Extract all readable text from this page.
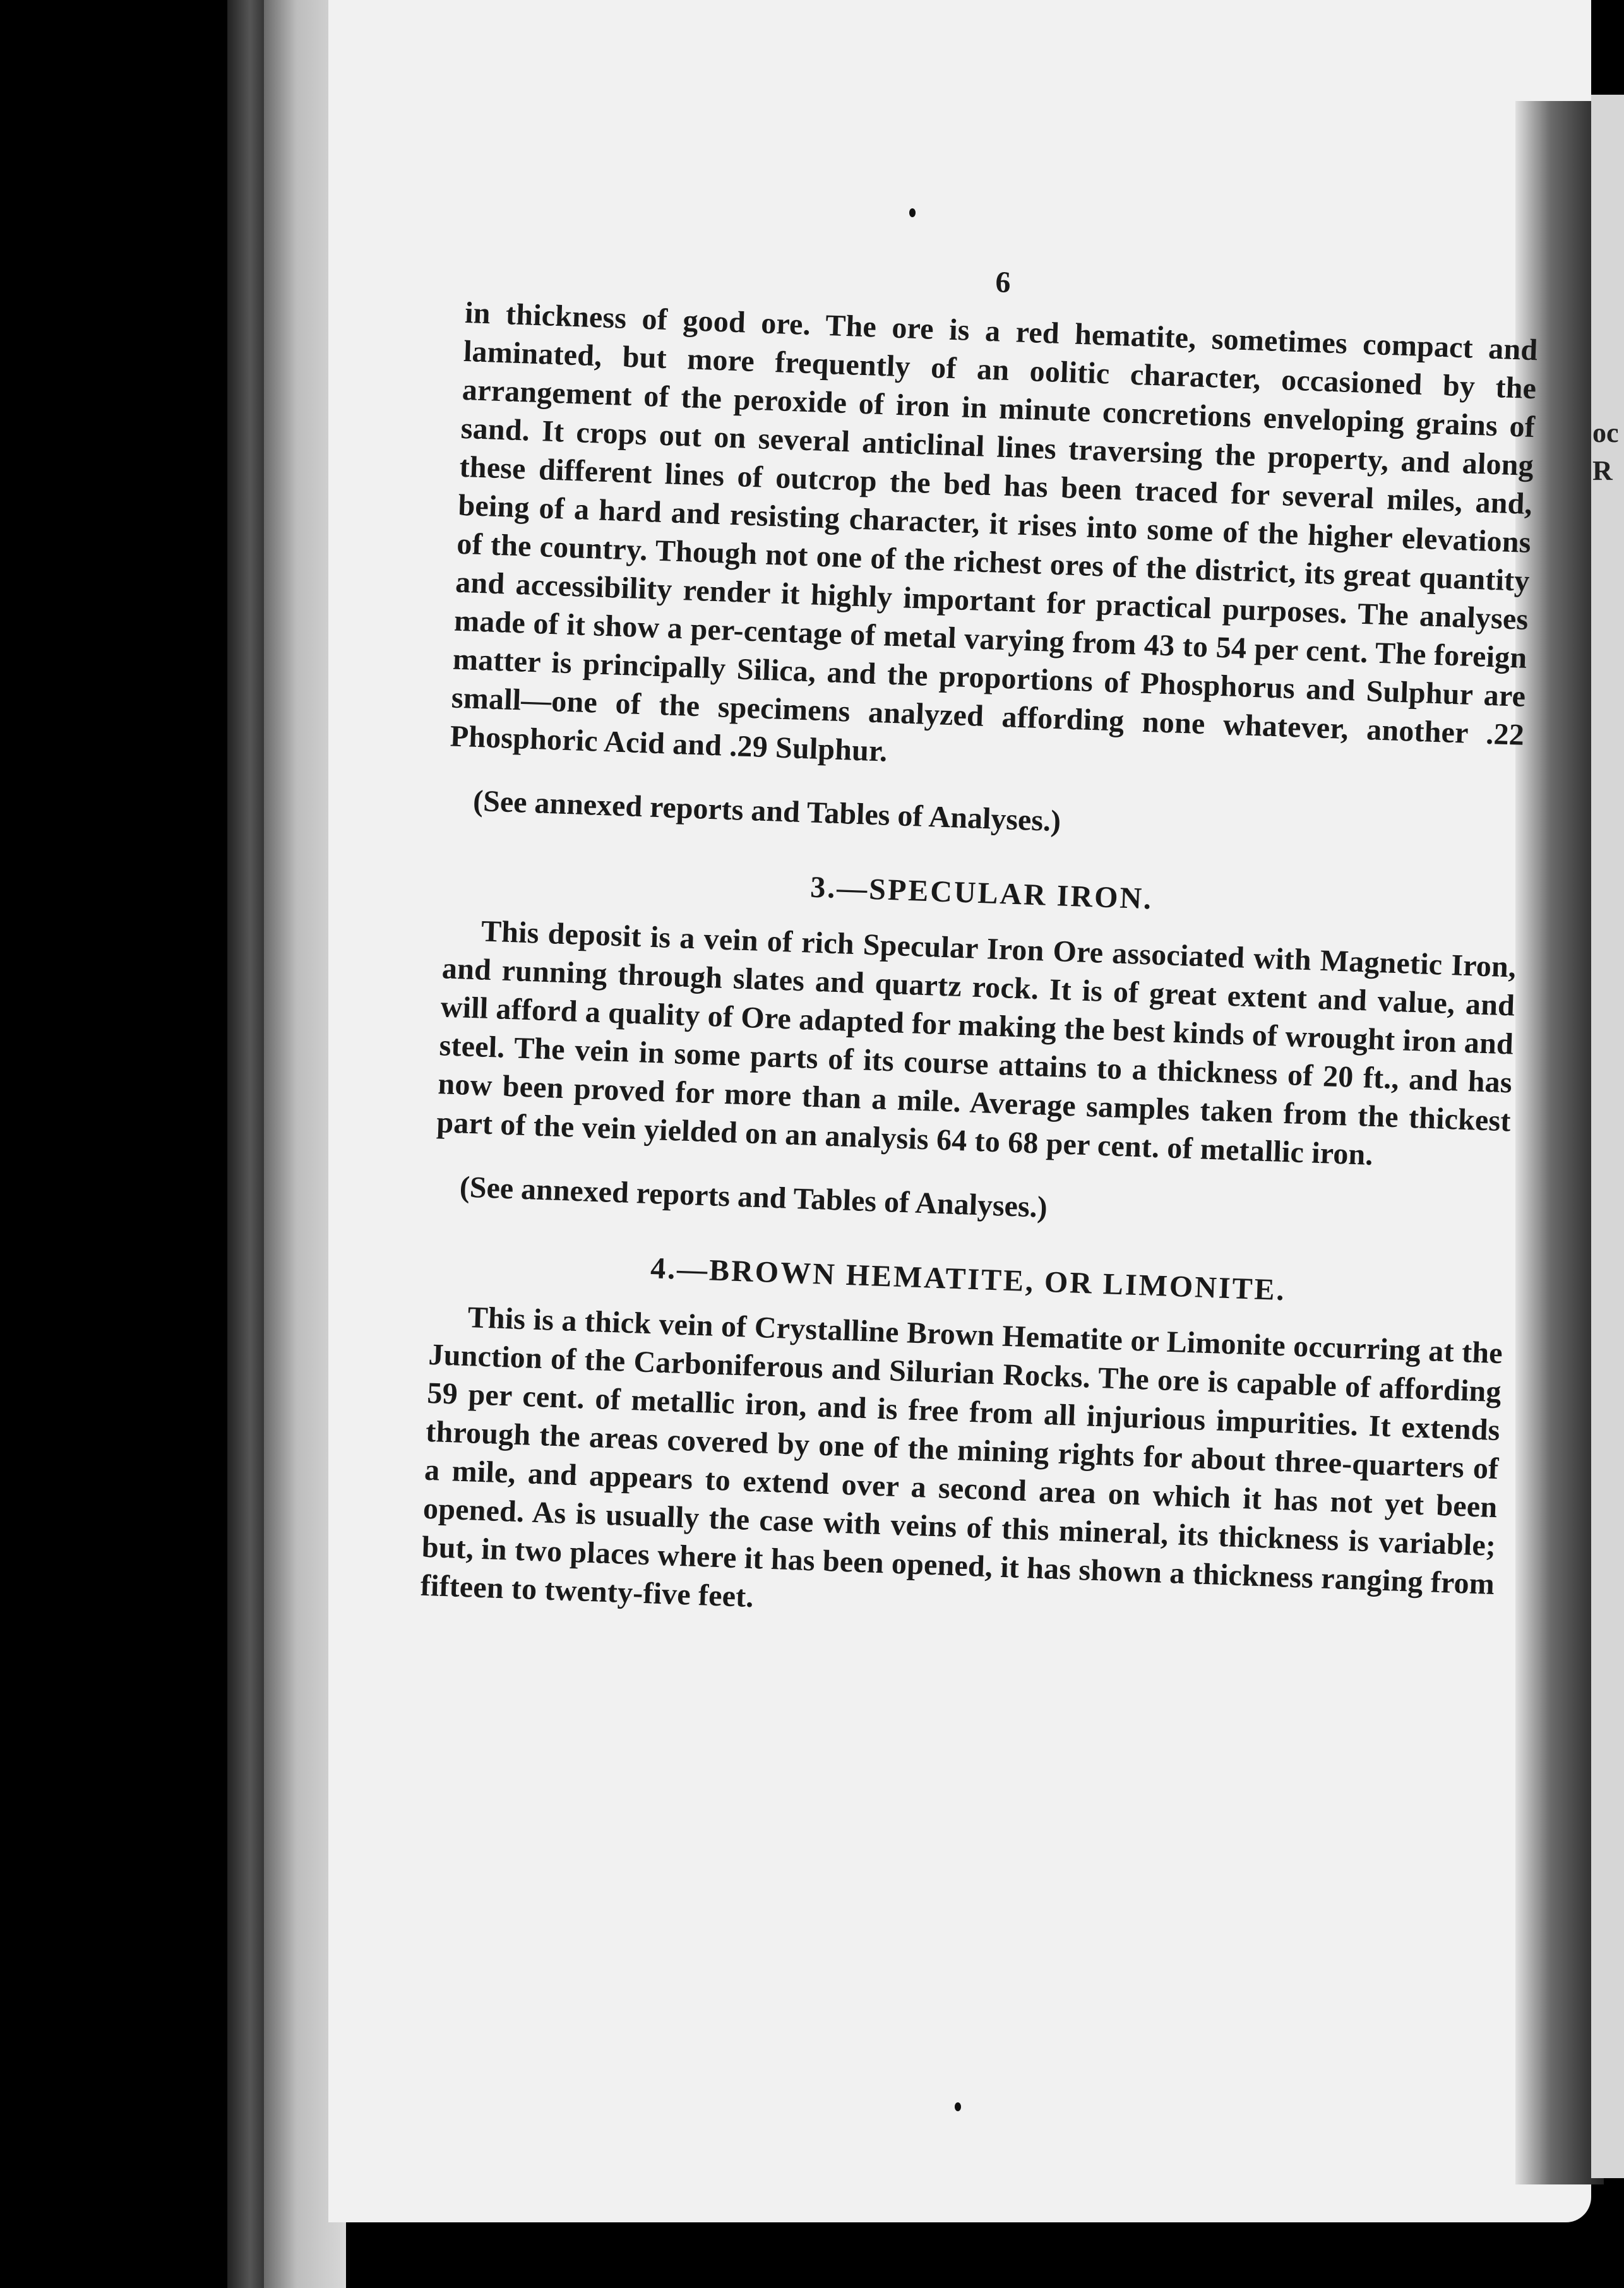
oc
R
6

in thickness of good ore. The ore is a red hematite, sometimes compact and laminated, but more frequently of an oolitic character, occasioned by the arrangement of the peroxide of iron in minute concretions enveloping grains of sand. It crops out on several anticlinal lines traversing the property, and along these different lines of outcrop the bed has been traced for several miles, and, being of a hard and resisting character, it rises into some of the higher elevations of the country. Though not one of the richest ores of the district, its great quantity and accessibility render it highly important for practical purposes. The analyses made of it show a per-centage of metal varying from 43 to 54 per cent. The foreign matter is principally Silica, and the proportions of Phosphorus and Sulphur are small—one of the specimens analyzed affording none whatever, another .22 Phosphoric Acid and .29 Sulphur.

(See annexed reports and Tables of Analyses.)

3.—SPECULAR IRON.

This deposit is a vein of rich Specular Iron Ore associated with Magnetic Iron, and running through slates and quartz rock. It is of great extent and value, and will afford a quality of Ore adapted for making the best kinds of wrought iron and steel. The vein in some parts of its course attains to a thickness of 20 ft., and has now been proved for more than a mile. Average samples taken from the thickest part of the vein yielded on an analysis 64 to 68 per cent. of metallic iron.

(See annexed reports and Tables of Analyses.)

4.—BROWN HEMATITE, OR LIMONITE.

This is a thick vein of Crystalline Brown Hematite or Limonite occurring at the Junction of the Carboniferous and Silurian Rocks. The ore is capable of affording 59 per cent. of metallic iron, and is free from all injurious impurities. It extends through the areas covered by one of the mining rights for about three-quarters of a mile, and appears to extend over a second area on which it has not yet been opened. As is usually the case with veins of this mineral, its thickness is variable; but, in two places where it has been opened, it has shown a thickness ranging from fifteen to twenty-five feet.
